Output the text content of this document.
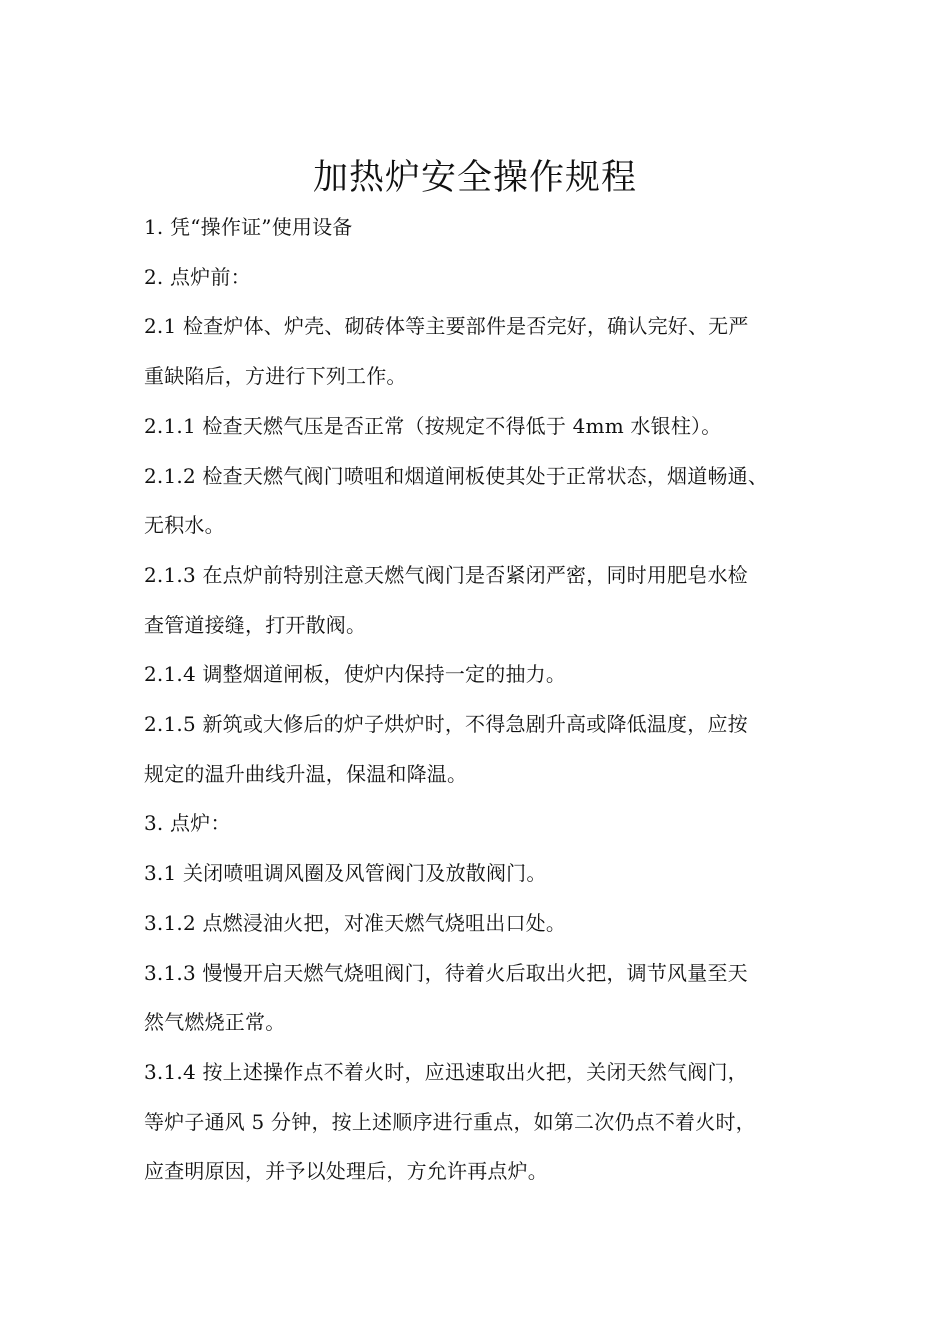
加热炉安全操作规程

1. 凭“操作证”使用设备

2. 点炉前：

2.1 检查炉体、炉壳、砌砖体等主要部件是否完好，确认完好、无严

重缺陷后，方进行下列工作。

2.1.1 检查天燃气压是否正常（按规定不得低于 4mm 水银柱）。

2.1.2 检查天燃气阀门喷咀和烟道闸板使其处于正常状态，烟道畅通、

无积水。

2.1.3 在点炉前特别注意天燃气阀门是否紧闭严密，同时用肥皂水检

查管道接缝，打开散阀。

2.1.4 调整烟道闸板，使炉内保持一定的抽力。

2.1.5 新筑或大修后的炉子烘炉时，不得急剧升高或降低温度，应按

规定的温升曲线升温，保温和降温。

3. 点炉：

3.1 关闭喷咀调风圈及风管阀门及放散阀门。

3.1.2 点燃浸油火把，对准天燃气烧咀出口处。

3.1.3 慢慢开启天燃气烧咀阀门，待着火后取出火把，调节风量至天

然气燃烧正常。

3.1.4 按上述操作点不着火时，应迅速取出火把，关闭天然气阀门，

等炉子通风 5 分钟，按上述顺序进行重点，如第二次仍点不着火时，

应查明原因，并予以处理后，方允许再点炉。
